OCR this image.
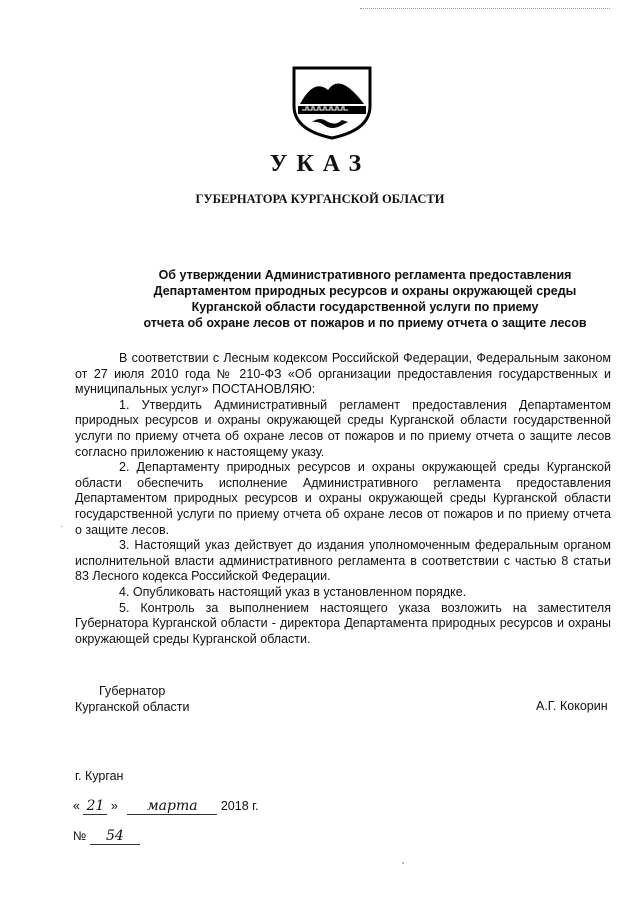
УКАЗ
ГУБЕРНАТОРА КУРГАНСКОЙ ОБЛАСТИ
Об утверждении Административного регламента предоставления
Департаментом природных ресурсов и охраны окружающей среды
Курганской области государственной услуги по приему
отчета об охране лесов от пожаров и по приему отчета о защите лесов

В соответствии с Лесным кодексом Российской Федерации, Федеральным законом от 27 июля 2010 года № 210-ФЗ «Об организации предоставления государственных и муниципальных услуг» ПОСТАНОВЛЯЮ:

1. Утвердить Административный регламент предоставления Департаментом природных ресурсов и охраны окружающей среды Курганской области государственной услуги по приему отчета об охране лесов от пожаров и по приему отчета о защите лесов согласно приложению к настоящему указу.

2. Департаменту природных ресурсов и охраны окружающей среды Курганской области обеспечить исполнение Административного регламента предоставления Департаментом природных ресурсов и охраны окружающей среды Курганской области государственной услуги по приему отчета об охране лесов от пожаров и по приему отчета о защите лесов.

3. Настоящий указ действует до издания уполномоченным федеральным органом исполнительной власти административного регламента в соответствии с частью 8 статьи 83 Лесного кодекса Российской Федерации.

4. Опубликовать настоящий указ в установленном порядке.

5. Контроль за выполнением настоящего указа возложить на заместителя Губернатора Курганской области - директора Департамента природных ресурсов и охраны окружающей среды Курганской области.

·
Губернатор
Курганской области	А.Г. Кокорин
г. Курган
« 21 » марта 2018 г.
№ 54
